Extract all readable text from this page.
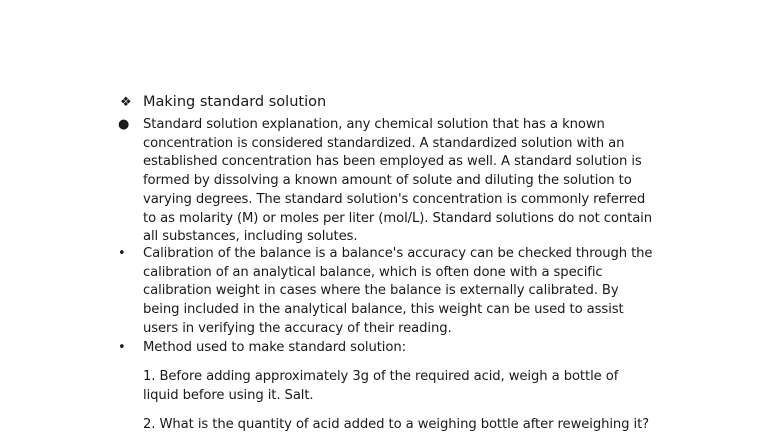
❖ Making standard solution
●	Standard solution explanation, any chemical solution that has a known
concentration is considered standardized. A standardized solution with an
established concentration has been employed as well. A standard solution is
formed by dissolving a known amount of solute and diluting the solution to
varying degrees. The standard solution's concentration is commonly referred
to as molarity (M) or moles per liter (mol/L). Standard solutions do not contain
all substances, including solutes.
•	Calibration of the balance is a balance's accuracy can be checked through the
calibration of an analytical balance, which is often done with a specific
calibration weight in cases where the balance is externally calibrated. By
being included in the analytical balance, this weight can be used to assist
users in verifying the accuracy of their reading.
•	Method used to make standard solution:
1. Before adding approximately 3g of the required acid, weigh a bottle of
liquid before using it. Salt.
2. What is the quantity of acid added to a weighing bottle after reweighing it?
